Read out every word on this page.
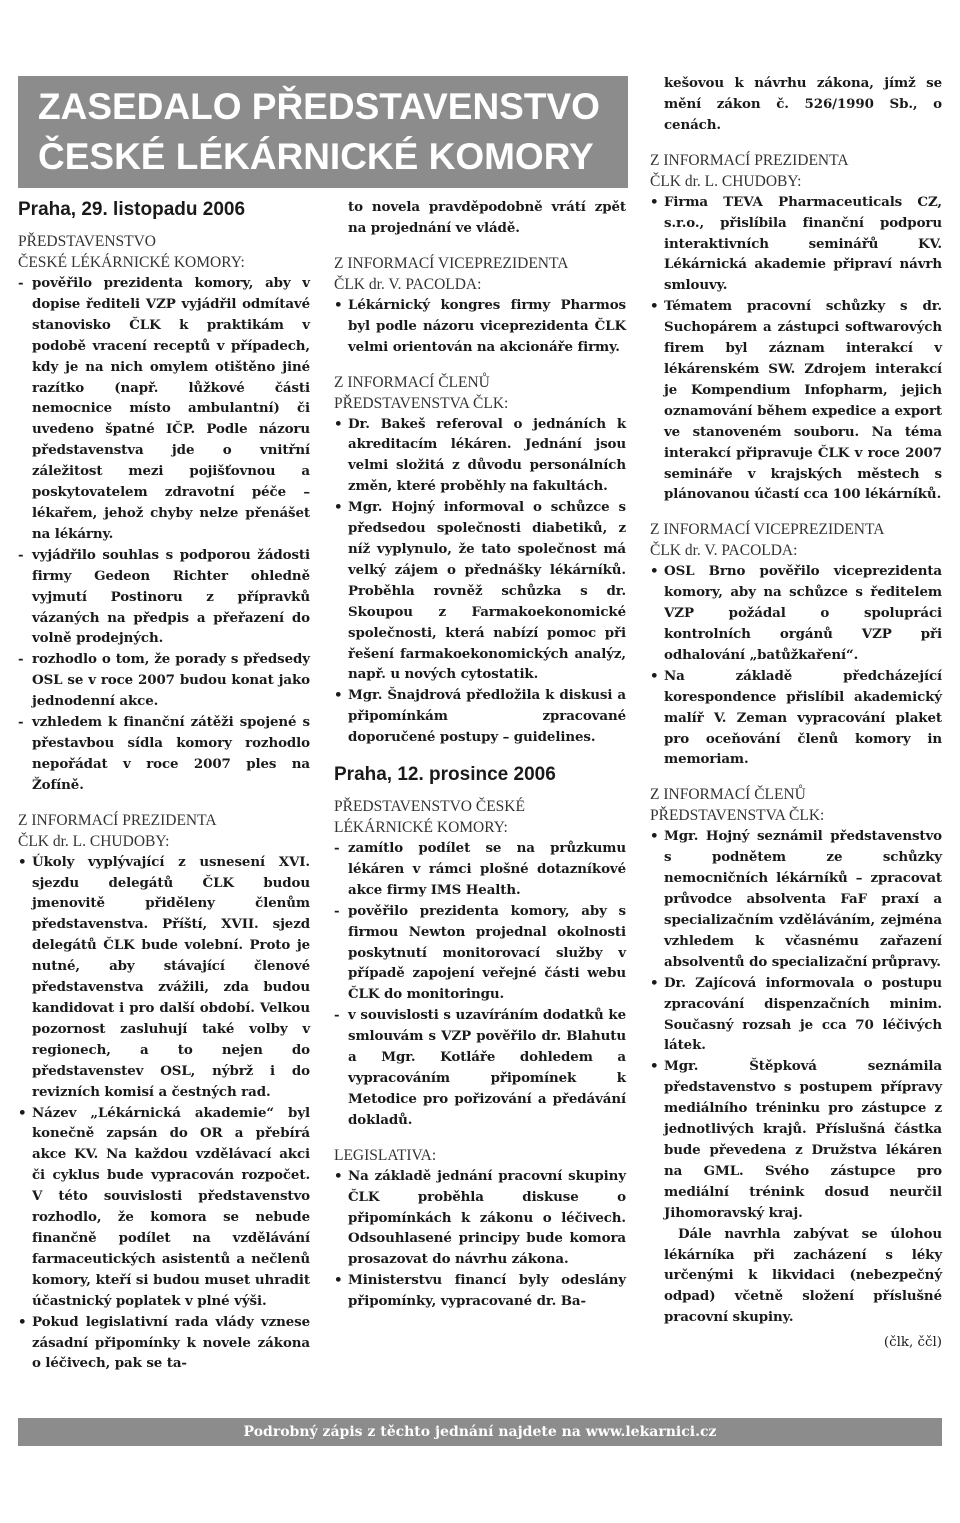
ZASEDALO PŘEDSTAVENSTVO
ČESKÉ LÉKÁRNICKÉ KOMORY
Praha, 29. listopadu 2006
PŘEDSTAVENSTVO
ČESKÉ LÉKÁRNICKÉ KOMORY:
- pověřilo prezidenta komory, aby v dopise řediteli VZP vyjádřil odmítavé stanovisko ČLK k praktikám v podobě vracení receptů v případech, kdy je na nich omylem otištěno jiné razítko (např. lůžkové části nemocnice místo ambulantní) či uvedeno špatné IČP. Podle názoru představenstva jde o vnitřní záležitost mezi pojišťovnou a poskytovatelem zdravotní péče – lékařem, jehož chyby nelze přenášet na lékárny.
- vyjádřilo souhlas s podporou žádosti firmy Gedeon Richter ohledně vyjmutí Postinoru z přípravků vázaných na předpis a přeřazení do volně prodejných.
- rozhodlo o tom, že porady s předsedy OSL se v roce 2007 budou konat jako jednodenní akce.
- vzhledem k finanční zátěži spojené s přestavbou sídla komory rozhodlo nepořádat v roce 2007 ples na Žofíně.
Z INFORMACÍ PREZIDENTA
ČLK dr. L. CHUDOBY:
• Úkoly vyplývající z usnesení XVI. sjezdu delegátů ČLK budou jmenovitě přiděleny členům představenstva. Příští, XVII. sjezd delegátů ČLK bude volební. Proto je nutné, aby stávající členové představenstva zvážili, zda budou kandidovat i pro další období. Velkou pozornost zasluhují také volby v regionech, a to nejen do představenstev OSL, nýbrž i do revizních komisí a čestných rad.
• Název „Lékárnická akademie“ byl konečně zapsán do OR a přebírá akce KV. Na každou vzdělávací akci či cyklus bude vypracován rozpočet. V této souvislosti představenstvo rozhodlo, že komora se nebude finančně podílet na vzdělávání farmaceutických asistentů a nečlenů komory, kteří si budou muset uhradit účastnický poplatek v plné výši.
• Pokud legislativní rada vlády vznese zásadní připomínky k novele zákona o léčivech, pak se ta-
to novela pravděpodobně vrátí zpět na projednání ve vládě.
Z INFORMACÍ VICEPREZIDENTA
ČLK dr. V. PACOLDA:
• Lékárnický kongres firmy Pharmos byl podle názoru viceprezidenta ČLK velmi orientován na akcionáře firmy.
Z INFORMACÍ ČLENŮ
PŘEDSTAVENSTVA ČLK:
• Dr. Bakeš referoval o jednáních k akreditacím lékáren. Jednání jsou velmi složitá z důvodu personálních změn, které proběhly na fakultách.
• Mgr. Hojný informoval o schůzce s předsedou společnosti diabetiků, z níž vyplynulo, že tato společnost má velký zájem o přednášky lékárníků. Proběhla rovněž schůzka s dr. Skoupou z Farmakoekonomické společnosti, která nabízí pomoc při řešení farmakoekonomických analýz, např. u nových cytostatik.
• Mgr. Šnajdrová předložila k diskusi a připomínkám zpracované doporučené postupy – guidelines.
Praha, 12. prosince 2006
PŘEDSTAVENSTVO ČESKÉ
LÉKÁRNICKÉ KOMORY:
- zamítlo podílet se na průzkumu lékáren v rámci plošné dotazníkové akce firmy IMS Health.
- pověřilo prezidenta komory, aby s firmou Newton projednal okolnosti poskytnutí monitorovací služby v případě zapojení veřejné části webu ČLK do monitoringu.
- v souvislosti s uzavíráním dodatků ke smlouvám s VZP pověřilo dr. Blahutu a Mgr. Kotláře dohledem a vypracováním připomínek k Metodice pro pořizování a předávání dokladů.
LEGISLATIVA:
• Na základě jednání pracovní skupiny ČLK proběhla diskuse o připomínkách k zákonu o léčivech. Odsouhlasené principy bude komora prosazovat do návrhu zákona.
• Ministerstvu financí byly odeslány připomínky, vypracované dr. Ba-
kešovou k návrhu zákona, jímž se mění zákon č. 526/1990 Sb., o cenách.
Z INFORMACÍ PREZIDENTA
ČLK dr. L. CHUDOBY:
• Firma TEVA Pharmaceuticals CZ, s.r.o., přislíbila finanční podporu interaktivních seminářů KV. Lékárnická akademie připraví návrh smlouvy.
• Tématem pracovní schůzky s dr. Suchopárem a zástupci softwarových firem byl záznam interakcí v lékárenském SW. Zdrojem interakcí je Kompendium Infopharm, jejich oznamování během expedice a export ve stanoveném souboru. Na téma interakcí připravuje ČLK v roce 2007 semináře v krajských městech s plánovanou účastí cca 100 lékárníků.
Z INFORMACÍ VICEPREZIDENTA
ČLK dr. V. PACOLDA:
• OSL Brno pověřilo viceprezidenta komory, aby na schůzce s ředitelem VZP požádal o spolupráci kontrolních orgánů VZP při odhalování „batůžkaření“.
• Na základě předcházející korespondence přislíbil akademický malíř V. Zeman vypracování plaket pro oceňování členů komory in memoriam.
Z INFORMACÍ ČLENŮ
PŘEDSTAVENSTVA ČLK:
• Mgr. Hojný seznámil představenstvo s podnětem ze schůzky nemocničních lékárníků – zpracovat průvodce absolventa FaF praxí a specializačním vzděláváním, zejména vzhledem k včasnému zařazení absolventů do specializační průpravy.
• Dr. Zajícová informovala o postupu zpracování dispenzačních minim. Současný rozsah je cca 70 léčivých látek.
• Mgr. Štěpková seznámila představenstvo s postupem přípravy mediálního tréninku pro zástupce z jednotlivých krajů. Příslušná částka bude převedena z Družstva lékáren na GML. Svého zástupce pro mediální trénink dosud neurčil Jihomoravský kraj.
Dále navrhla zabývat se úlohou lékárníka při zacházení s léky určenými k likvidaci (nebezpečný odpad) včetně složení příslušné pracovní skupiny.
(člk, ččl)
Podrobný zápis z těchto jednání najdete na www.lekarnici.cz
